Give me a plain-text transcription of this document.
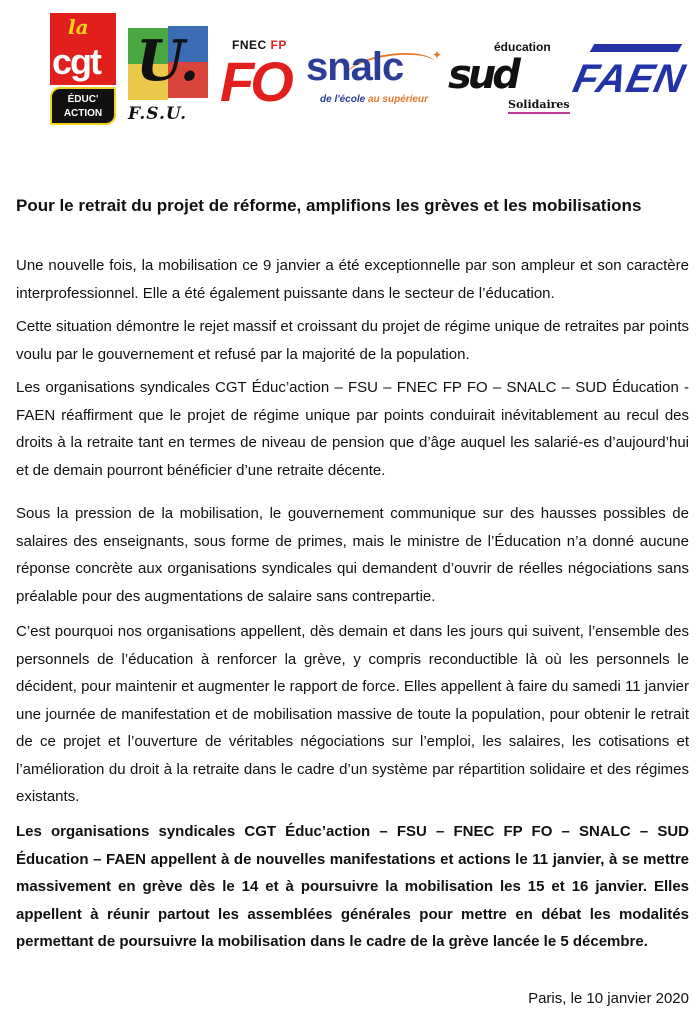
la
cgt
ÉDUC'
ACTION
U.
F.S.U.
FNEC FP
FO	✦
snalc
de l'école au supérieur
éducation
sud
Solidaires
FAEN
Pour le retrait du projet de réforme, amplifions les grèves et les mobilisations

Une nouvelle fois, la mobilisation ce 9 janvier a été exceptionnelle par son ampleur et son caractère interprofessionnel. Elle a été également puissante dans le secteur de l’éducation.

Cette situation démontre le rejet massif et croissant du projet de régime unique de retraites par points voulu par le gouvernement et refusé par la majorité de la population.

Les organisations syndicales CGT Éduc’action – FSU – FNEC FP FO – SNALC – SUD Éducation - FAEN réaffirment que le projet de régime unique par points conduirait inévitablement au recul des droits à la retraite tant en termes de niveau de pension que d’âge auquel les salarié-es d’aujourd’hui et de demain pourront bénéficier d’une retraite décente.

Sous la pression de la mobilisation, le gouvernement communique sur des hausses possibles de salaires des enseignants, sous forme de primes, mais le ministre de l’Éducation n’a donné aucune réponse concrète aux organisations syndicales qui demandent d’ouvrir de réelles négociations sans préalable pour des augmentations de salaire sans contrepartie.

C’est pourquoi nos organisations appellent, dès demain et dans les jours qui suivent, l’ensemble des personnels de l’éducation à renforcer la grève, y compris reconductible là où les personnels le décident, pour maintenir et augmenter le rapport de force. Elles appellent à faire du samedi 11 janvier une journée de manifestation et de mobilisation massive de toute la population, pour obtenir le retrait de ce projet et l’ouverture de véritables négociations sur l’emploi, les salaires, les cotisations et l’amélioration du droit à la retraite dans le cadre d’un système par répartition solidaire et des régimes existants.

Les organisations syndicales CGT Éduc’action – FSU – FNEC FP FO – SNALC – SUD Éducation – FAEN appellent à de nouvelles manifestations et actions le 11 janvier, à se mettre massivement en grève dès le 14 et à poursuivre la mobilisation les 15 et 16 janvier. Elles appellent à réunir partout les assemblées générales pour mettre en débat les modalités permettant de poursuivre la mobilisation dans le cadre de la grève lancée le 5 décembre.

Paris, le 10 janvier 2020
